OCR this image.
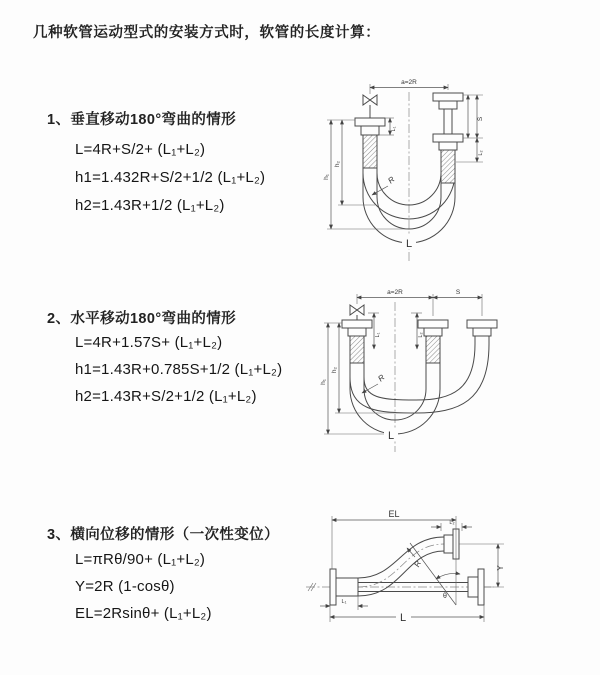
几种软管运动型式的安装方式时，软管的长度计算：
1、垂直移动180°弯曲的情形
L=4R+S/2+ (L₁+L₂)
h1=1.432R+S/2+1/2 (L₁+L₂)
h2=1.43R+1/2 (L₁+L₂)
2、水平移动180°弯曲的情形
L=4R+1.57S+ (L₁+L₂)
h1=1.43R+0.785S+1/2 (L₁+L₂)
h2=1.43R+S/2+1/2 (L₁+L₂)
3、横向位移的情形（一次性变位）
L=πRθ/90+ (L₁+L₂)
Y=2R (1-cosθ)
EL=2Rsinθ+ (L₁+L₂)
a=2R
h₁
h₂
S
L₂
L₁
R
L
a=2R	S
h₁
h₂
L₁	L₂
R
L
EL
L₂
Y
L
L₁
R
θ
